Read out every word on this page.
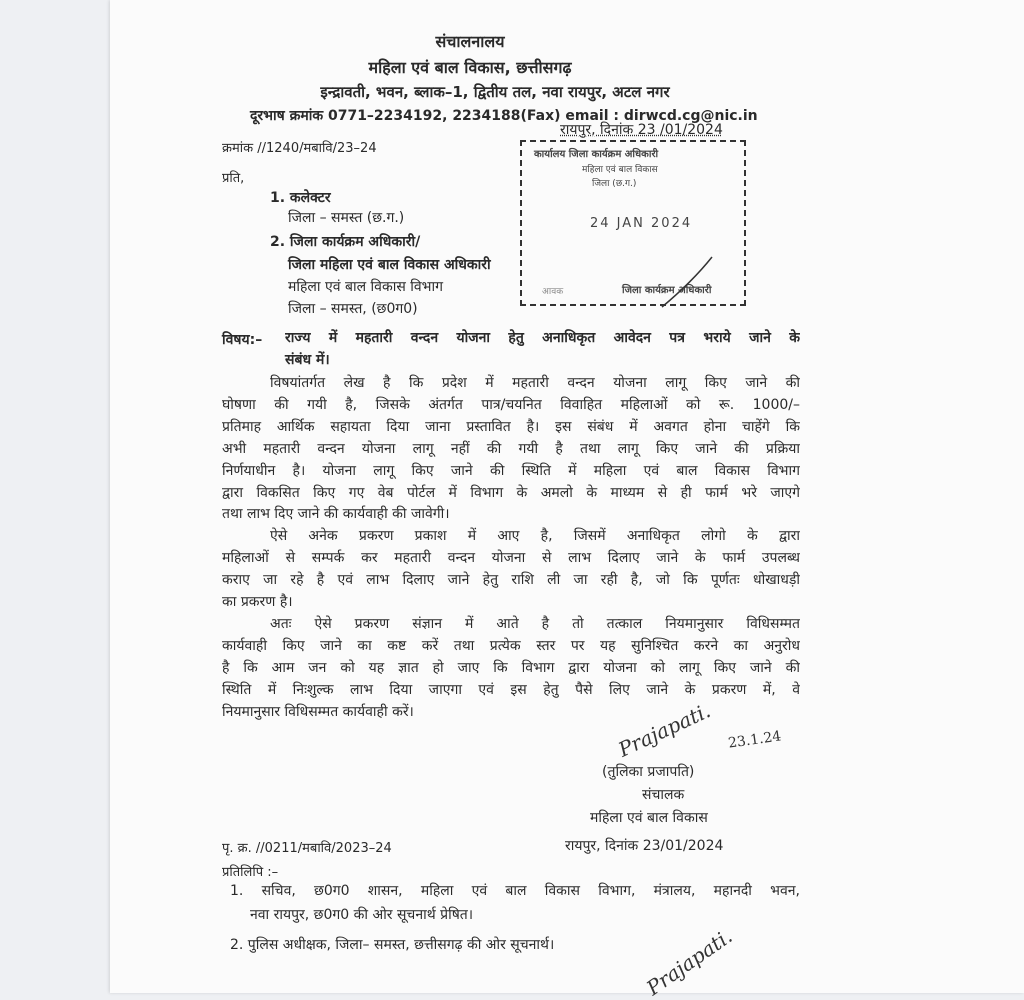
संचालनालय
महिला एवं बाल विकास, छत्तीसगढ़
इन्द्रावती, भवन, ब्लाक–1, द्वितीय तल, नवा रायपुर, अटल नगर
दूरभाष क्रमांक 0771–2234192, 2234188(Fax) email : dirwcd.cg@nic.in
रायपुर, दिनांक 23 /01/2024
क्रमांक //1240/मबावि/23–24
प्रति,
1. कलेक्टर
जिला – समस्त (छ.ग.)
2. जिला कार्यक्रम अधिकारी/
जिला महिला एवं बाल विकास अधिकारी
महिला एवं बाल विकास विभाग
जिला – समस्त, (छ0ग0)
कार्यालय जिला कार्यक्रम अधिकारी
महिला एवं बाल विकास
जिला (छ.ग.)
24 JAN 2024
आवक	जिला कार्यक्रम अधिकारी
विषय:– राज्य में महतारी वन्दन योजना हेतु अनाधिकृत आवेदन पत्र भराये जाने के
संबंध में।
विषयांतर्गत लेख है कि प्रदेश में महतारी वन्दन योजना लागू किए जाने की
घोषणा की गयी है, जिसके अंतर्गत पात्र/चयनित विवाहित महिलाओं को रू. 1000/–
प्रतिमाह आर्थिक सहायता दिया जाना प्रस्तावित है। इस संबंध में अवगत होना चाहेंगे कि
अभी महतारी वन्दन योजना लागू नहीं की गयी है तथा लागू किए जाने की प्रक्रिया
निर्णयाधीन है। योजना लागू किए जाने की स्थिति में महिला एवं बाल विकास विभाग
द्वारा विकसित किए गए वेब पोर्टल में विभाग के अमलो के माध्यम से ही फार्म भरे जाएगे
तथा लाभ दिए जाने की कार्यवाही की जावेगी।
ऐसे अनेक प्रकरण प्रकाश में आए है, जिसमें अनाधिकृत लोगो के द्वारा
महिलाओं से सम्पर्क कर महतारी वन्दन योजना से लाभ दिलाए जाने के फार्म उपलब्ध
कराए जा रहे है एवं लाभ दिलाए जाने हेतु राशि ली जा रही है, जो कि पूर्णतः धोखाधड़ी
का प्रकरण है।
अतः ऐसे प्रकरण संज्ञान में आते है तो तत्काल नियमानुसार विधिसम्मत
कार्यवाही किए जाने का कष्ट करें तथा प्रत्येक स्तर पर यह सुनिश्चित करने का अनुरोध
है कि आम जन को यह ज्ञात हो जाए कि विभाग द्वारा योजना को लागू किए जाने की
स्थिति में निःशुल्क लाभ दिया जाएगा एवं इस हेतु पैसे लिए जाने के प्रकरण में, वे
नियमानुसार विधिसम्मत कार्यवाही करें।	Prajapati. 23.1.24
(तुलिका प्रजापति)
संचालक
महिला एवं बाल विकास
रायपुर, दिनांक 23/01/2024
पृ. क्र. //0211/मबावि/2023–24
प्रतिलिपि :–
1. सचिव, छ0ग0 शासन, महिला एवं बाल विकास विभाग, मंत्रालय, महानदी भवन,
नवा रायपुर, छ0ग0 की ओर सूचनार्थ प्रेषित।
2. पुलिस अधीक्षक, जिला– समस्त, छत्तीसगढ़ की ओर सूचनार्थ।	Prajapati.
